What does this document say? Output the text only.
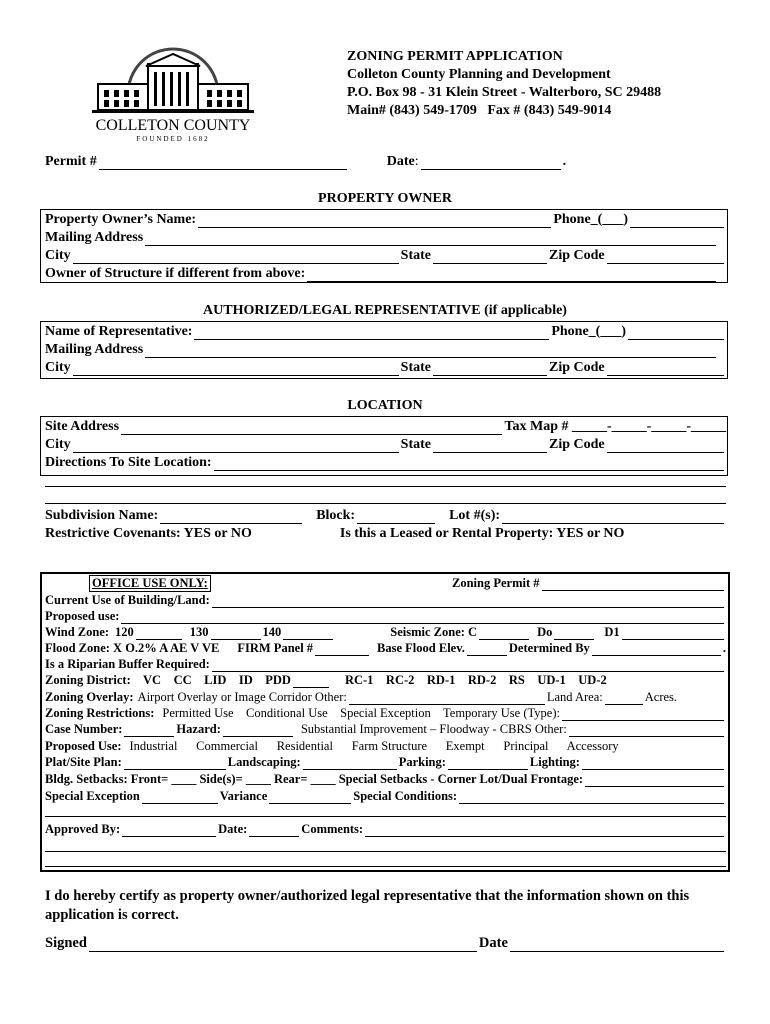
COLLETON COUNTY
FOUNDED 1682
ZONING PERMIT APPLICATION
Colleton County Planning and Development
P.O. Box 98 - 31 Klein Street - Walterboro, SC 29488
Main# (843) 549-1709   Fax # (843) 549-9014
Permit #	Date :	.
PROPERTY OWNER
Property Owner’s Name:	Phone_(___)
Mailing Address
City	State	Zip Code
Owner of Structure if different from above:
AUTHORIZED/LEGAL REPRESENTATIVE (if applicable)
Name of Representative:	Phone_(___)
Mailing Address
City	State	Zip Code
LOCATION
Site Address	Tax Map # _____-_____-_____-_____
City	State	Zip Code
Directions To Site Location:
Subdivision Name:	Block:	Lot #(s):
Restrictive Covenants: YES or NO	Is this a Leased or Rental Property: YES or NO
OFFICE USE ONLY:	Zoning Permit #
Current Use of Building/Land:
Proposed use:
Wind Zone: 120	130	140	Seismic Zone: C	Do	D1
Flood Zone: X O.2% A AE V VE FIRM Panel #	Base Flood Elev.	Determined By	.
Is a Riparian Buffer Required:
Zoning District:    VC    CC    LID    ID    PDD	RC-1    RC-2    RD-1    RD-2    RS    UD-1    UD-2
Zoning Overlay: Airport Overlay or Image Corridor Other:	Land Area:	Acres.
Zoning Restrictions: Permitted Use    Conditional Use    Special Exception    Temporary Use (Type):
Case Number:	Hazard:	Substantial Improvement – Floodway - CBRS Other:
Proposed Use: Industrial      Commercial      Residential      Farm Structure      Exempt      Principal      Accessory
Plat/Site Plan:	Landscaping:	Parking:	Lighting:
Bldg. Setbacks: Front= ____ Side(s)= ____ Rear= ____ Special Setbacks - Corner Lot/Dual Frontage:
Special Exception	Variance	Special Conditions:
Approved By:	Date:	Comments:
I do hereby certify as property owner/authorized legal representative that the information shown on this
application is correct.
Signed	Date
